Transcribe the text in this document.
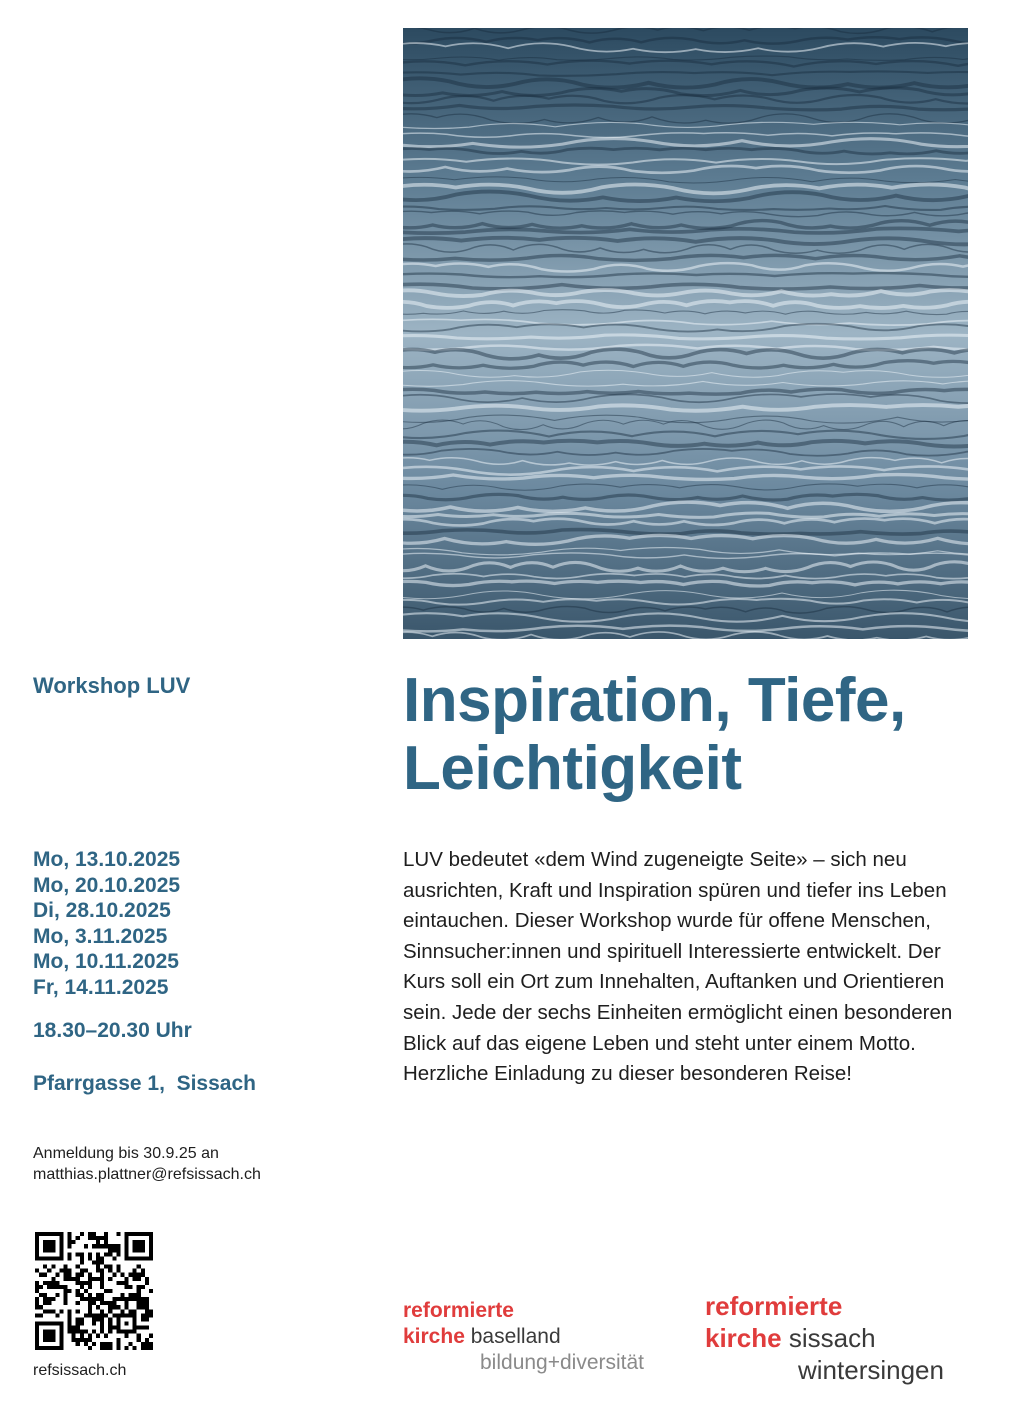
Workshop LUV	Inspiration, Tiefe,
Leichtigkeit
Mo, 13.10.2025
Mo, 20.10.2025
Di, 28.10.2025
Mo, 3.11.2025
Mo, 10.11.2025
Fr, 14.11.2025
18.30–20.30 Uhr
Pfarrgasse 1,  Sissach
Anmeldung bis 30.9.25 an
matthias.plattner@refsissach.ch

LUV bedeutet «dem Wind zugeneigte Seite» – sich neu ausrichten, Kraft und Inspiration spüren und tiefer ins Leben eintauchen. Dieser Workshop wurde für offene Menschen, Sinnsucher:innen und spirituell Interessierte entwickelt. Der Kurs soll ein Ort zum Innehalten, Auftanken und Orientieren sein. Jede der sechs Einheiten ermöglicht einen besonderen Blick auf das eigene Leben und steht unter einem Motto.

Herzliche Einladung zu dieser besonderen Reise!

refsissach.ch
reformierte
kirche baselland
bildung+diversität
reformierte
kirche sissach
wintersingen
